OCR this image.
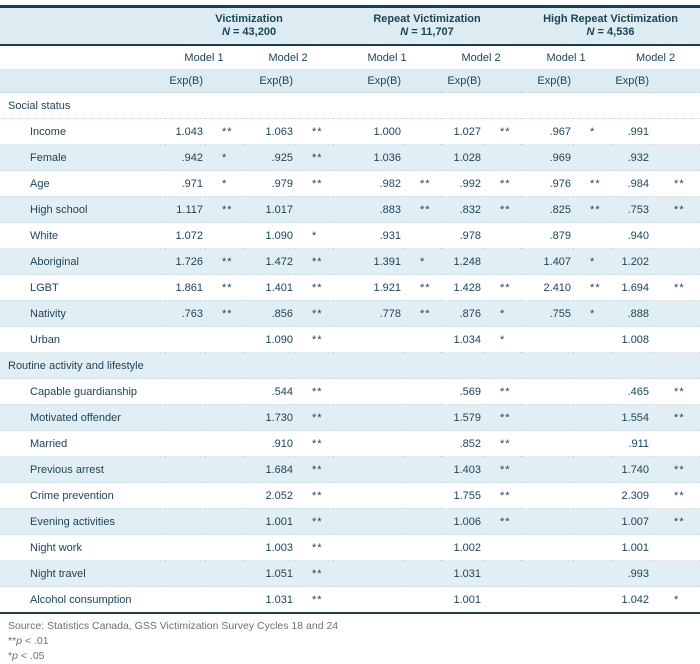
Victimization
N = 43,200

Repeat Victimization
N = 11,707

High Repeat Victimization
N = 4,536

	Model 1		Model 2		Model 1		Model 2		Model 1		Model 2	
	Exp(B)		Exp(B)		Exp(B)		Exp(B)		Exp(B)		Exp(B)	
Social status												
Income	1.043	**	1.063	**	1.000		1.027	**	.967	*	.991	
Female	.942	*	.925	**	1.036		1.028		.969		.932	
Age	.971	*	.979	**	.982	**	.992	**	.976	**	.984	**
High school	1.117	**	1.017		.883	**	.832	**	.825	**	.753	**
White	1.072		1.090	*	.931		.978		.879		.940	
Aboriginal	1.726	**	1.472	**	1.391	*	1.248		1.407	*	1.202	
LGBT	1.861	**	1.401	**	1.921	**	1.428	**	2.410	**	1.694	**
Nativity	.763	**	.856	**	.778	**	.876	*	.755	*	.888	
Urban			1.090	**			1.034	*			1.008	
Routine activity and lifestyle												
Capable guardianship			.544	**			.569	**			.465	**
Motivated offender			1.730	**			1.579	**			1.554	**
Married			.910	**			.852	**			.911	
Previous arrest			1.684	**			1.403	**			1.740	**
Crime prevention			2.052	**			1.755	**			2.309	**
Evening activities			1.001	**			1.006	**			1.007	**
Night work			1.003	**			1.002				1.001	
Night travel			1.051	**			1.031				.993	
Alcohol consumption			1.031	**			1.001				1.042	*
Source: Statistics Canada, GSS Victimization Survey Cycles 18 and 24
**p < .01
*p < .05
